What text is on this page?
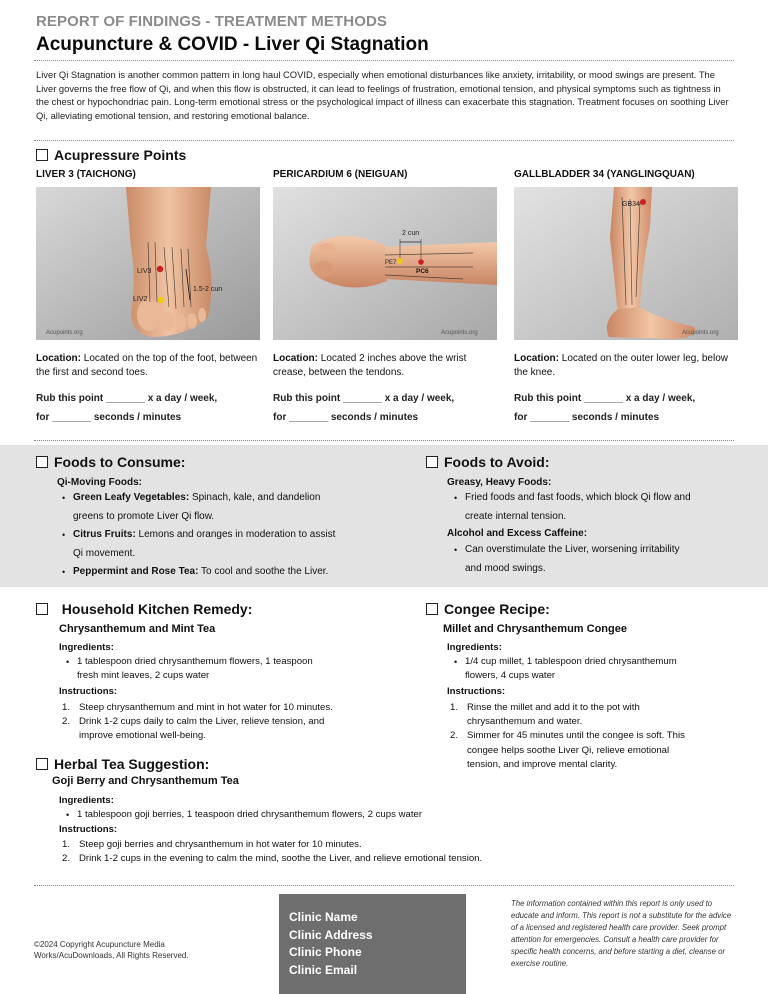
REPORT OF FINDINGS - TREATMENT METHODS
Acupuncture & COVID - Liver Qi Stagnation
Liver Qi Stagnation is another common pattern in long haul COVID, especially when emotional disturbances like anxiety, irritability, or mood swings are present. The Liver governs the free flow of Qi, and when this flow is obstructed, it can lead to feelings of frustration, emotional tension, and physical symptoms such as tightness in the chest or hypochondriac pain. Long-term emotional stress or the psychological impact of illness can exacerbate this stagnation. Treatment focuses on soothing Liver Qi, alleviating emotional tension, and restoring emotional balance.
Acupressure Points
LIVER 3 (TAICHONG)	PERICARDIUM 6 (NEIGUAN)	GALLBLADDER 34 (YANGLINGQUAN)
LIV3
LIV2
1.5-2 cun
Acupoints.org
2 cun
PE7
PC6
Acupoints.org
GB34
Acupoints.org
Location: Located on the top of the foot, between the first and second toes.
Location: Located 2 inches above the wrist crease, between the tendons.
Location: Located on the outer lower leg, below the knee.
Rub this point _______ x a day / week,
for _______ seconds / minutes
Rub this point _______ x a day / week,
for _______ seconds / minutes
Rub this point _______ x a day / week,
for _______ seconds / minutes
Foods to Consume:
Qi-Moving Foods:
• Green Leafy Vegetables: Spinach, kale, and dandelion
greens to promote Liver Qi flow.
• Citrus Fruits: Lemons and oranges in moderation to assist
Qi movement.
• Peppermint and Rose Tea: To cool and soothe the Liver.
Foods to Avoid:
Greasy, Heavy Foods:
• Fried foods and fast foods, which block Qi flow and
create internal tension.
Alcohol and Excess Caffeine:
• Can overstimulate the Liver, worsening irritability
and mood swings.
Household Kitchen Remedy:
Chrysanthemum and Mint Tea
Ingredients:
• 1 tablespoon dried chrysanthemum flowers, 1 teaspoon
fresh mint leaves, 2 cups water
Instructions:
1. Steep chrysanthemum and mint in hot water for 10 minutes.
2. Drink 1-2 cups daily to calm the Liver, relieve tension, and
improve emotional well-being.
Congee Recipe:
Millet and Chrysanthemum Congee
Ingredients:
• 1/4 cup millet, 1 tablespoon dried chrysanthemum
flowers, 4 cups water
Instructions:
1. Rinse the millet and add it to the pot with
chrysanthemum and water.
2. Simmer for 45 minutes until the congee is soft. This
congee helps soothe Liver Qi, relieve emotional
tension, and improve mental clarity.
Herbal Tea Suggestion:
Goji Berry and Chrysanthemum Tea
Ingredients:
• 1 tablespoon goji berries, 1 teaspoon dried chrysanthemum flowers, 2 cups water
Instructions:
1. Steep goji berries and chrysanthemum in hot water for 10 minutes.
2. Drink 1-2 cups in the evening to calm the mind, soothe the Liver, and relieve emotional tension.
©2024 Copyright Acupuncture Media Works/AcuDownloads, All Rights Reserved.
Clinic Name
Clinic Address
Clinic Phone
Clinic Email
The information contained within this report is only used to educate and inform. This report is not a substitute for the advice of a licensed and registered health care provider. Seek prompt attention for emergencies. Consult a health care provider for specific health concerns, and before starting a diet, cleanse or exercise routine.
